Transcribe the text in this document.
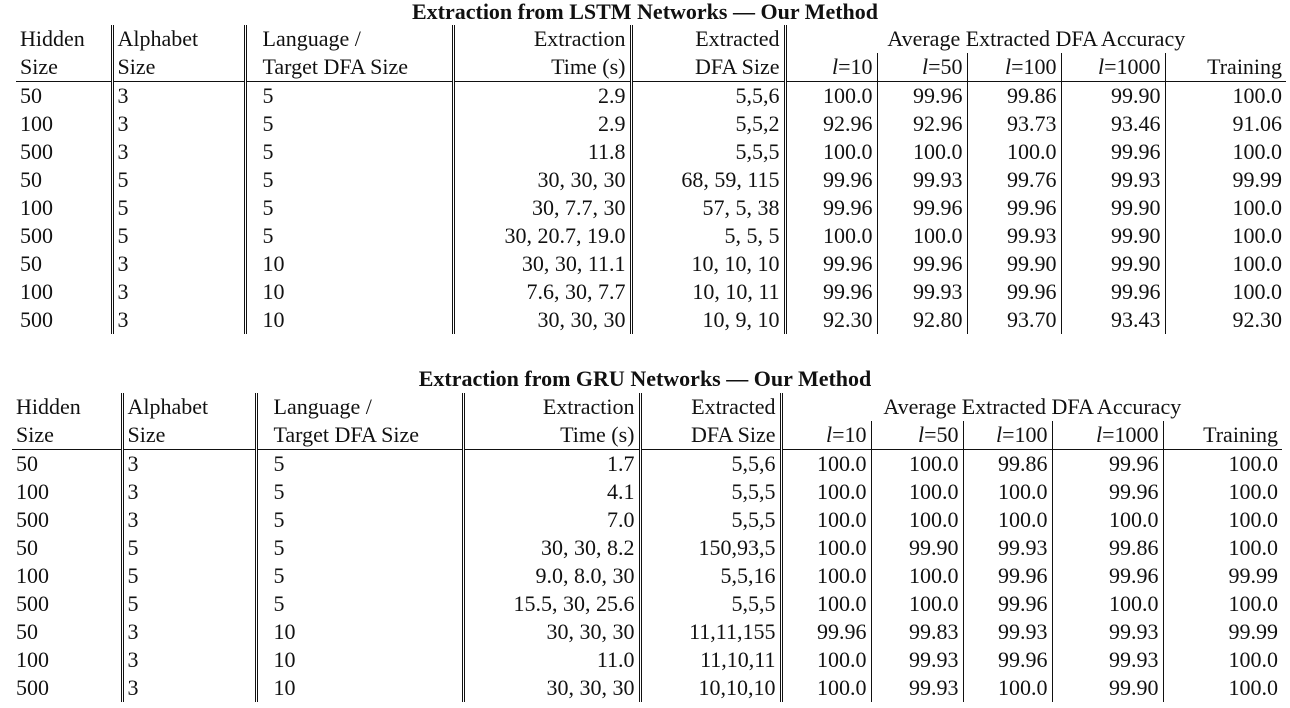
Extraction from LSTM Networks — Our Method
Hidden	Alphabet	Language /	Extraction	Extracted	Average Extracted DFA Accuracy				
Size	Size	Target DFA Size	Time (s)	DFA Size	l=10	l=50	l=100	l=1000	Training
50	3	5	2.9	5,5,6	100.0	99.96	99.86	99.90	100.0
100	3	5	2.9	5,5,2	92.96	92.96	93.73	93.46	91.06
500	3	5	11.8	5,5,5	100.0	100.0	100.0	99.96	100.0
50	5	5	30, 30, 30	68, 59, 115	99.96	99.93	99.76	99.93	99.99
100	5	5	30, 7.7, 30	57, 5, 38	99.96	99.96	99.96	99.90	100.0
500	5	5	30, 20.7, 19.0	5, 5, 5	100.0	100.0	99.93	99.90	100.0
50	3	10	30, 30, 11.1	10, 10, 10	99.96	99.96	99.90	99.90	100.0
100	3	10	7.6, 30, 7.7	10, 10, 11	99.96	99.93	99.96	99.96	100.0
500	3	10	30, 30, 30	10, 9, 10	92.30	92.80	93.70	93.43	92.30
Extraction from GRU Networks — Our Method
Hidden	Alphabet	Language /	Extraction	Extracted	Average Extracted DFA Accuracy				
Size	Size	Target DFA Size	Time (s)	DFA Size	l=10	l=50	l=100	l=1000	Training
50	3	5	1.7	5,5,6	100.0	100.0	99.86	99.96	100.0
100	3	5	4.1	5,5,5	100.0	100.0	100.0	99.96	100.0
500	3	5	7.0	5,5,5	100.0	100.0	100.0	100.0	100.0
50	5	5	30, 30, 8.2	150,93,5	100.0	99.90	99.93	99.86	100.0
100	5	5	9.0, 8.0, 30	5,5,16	100.0	100.0	99.96	99.96	99.99
500	5	5	15.5, 30, 25.6	5,5,5	100.0	100.0	99.96	100.0	100.0
50	3	10	30, 30, 30	11,11,155	99.96	99.83	99.93	99.93	99.99
100	3	10	11.0	11,10,11	100.0	99.93	99.96	99.93	100.0
500	3	10	30, 30, 30	10,10,10	100.0	99.93	100.0	99.90	100.0
